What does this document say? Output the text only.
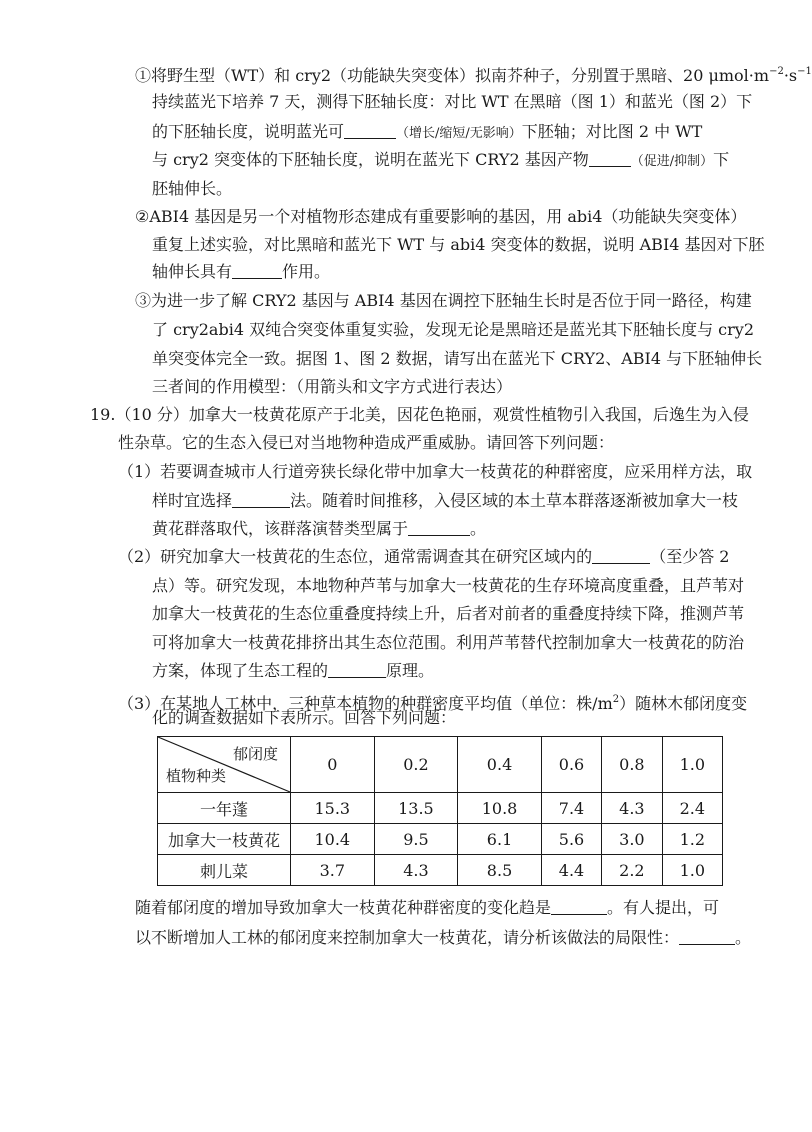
①将野生型（WT）和 cry2（功能缺失突变体）拟南芥种子，分别置于黑暗、20 $\mu mol\cdot m^{-2}\cdot s^{-1}$
持续蓝光下培养 7 天，测得下胚轴长度：对比 WT 在黑暗（图 1）和蓝光（图 2）下
的下胚轴长度，说明蓝光可	（增长/缩短/无影响）下胚轴；对比图 2 中 WT
与 cry2 突变体的下胚轴长度，说明在蓝光下 CRY2 基因产物	（促进/抑制）下
胚轴伸长。
②ABI4 基因是另一个对植物形态建成有重要影响的基因，用 abi4（功能缺失突变体）
重复上述实验，对比黑暗和蓝光下 WT 与 abi4 突变体的数据，说明 ABI4 基因对下胚
轴伸长具有	作用。
③为进一步了解 CRY2 基因与 ABI4 基因在调控下胚轴生长时是否位于同一路径，构建
了 cry2abi4 双纯合突变体重复实验，发现无论是黑暗还是蓝光其下胚轴长度与 cry2
单突变体完全一致。据图 1、图 2 数据，请写出在蓝光下 CRY2、ABI4 与下胚轴伸长
三者间的作用模型：（用箭头和文字方式进行表达）
19.（10 分）加拿大一枝黄花原产于北美，因花色艳丽，观赏性植物引入我国，后逸生为入侵
性杂草。它的生态入侵已对当地物种造成严重威胁。请回答下列问题：
（1）若要调查城市人行道旁狭长绿化带中加拿大一枝黄花的种群密度，应采用样方法，取
样时宜选择	法。随着时间推移，入侵区域的本土草本群落逐渐被加拿大一枝
黄花群落取代，该群落演替类型属于	。
（2）研究加拿大一枝黄花的生态位，通常需调查其在研究区域内的	（至少答 2
点）等。研究发现，本地物种芦苇与加拿大一枝黄花的生存环境高度重叠，且芦苇对
加拿大一枝黄花的生态位重叠度持续上升，后者对前者的重叠度持续下降，推测芦苇
可将加拿大一枝黄花排挤出其生态位范围。利用芦苇替代控制加拿大一枝黄花的防治
方案，体现了生态工程的	原理。
（3）在某地人工林中，三种草本植物的种群密度平均值（单位：株$/m^2$）随林木郁闭度变
化的调查数据如下表所示。回答下列问题：
郁闭度
植物种类	0	0.2	0.4	0.6	0.8	1.0
一年蓬	15.3	13.5	10.8	7.4	4.3	2.4
加拿大一枝黄花	10.4	9.5	6.1	5.6	3.0	1.2
刺儿菜	3.7	4.3	8.5	4.4	2.2	1.0
随着郁闭度的增加导致加拿大一枝黄花种群密度的变化趋是	。有人提出，可
以不断增加人工林的郁闭度来控制加拿大一枝黄花，请分析该做法的局限性：	。
